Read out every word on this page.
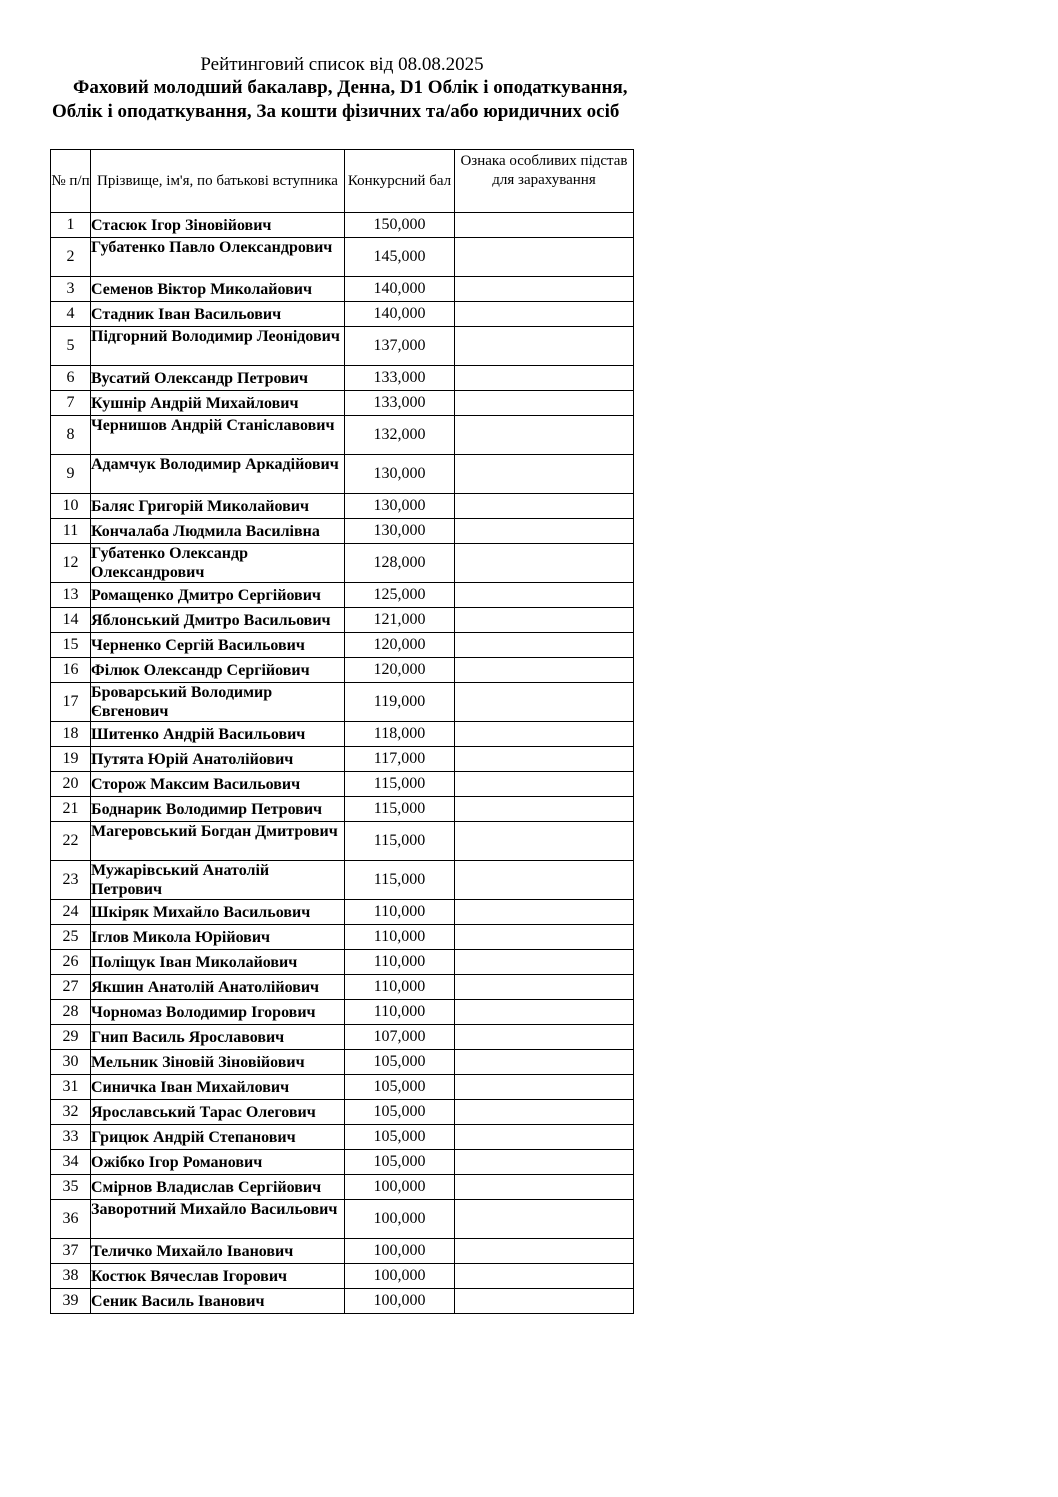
Рейтинговий список від 08.08.2025
Фаховий молодший бакалавр, Денна, D1 Облік і оподаткування, Облік і оподаткування, За кошти фізичних та/або юридичних осіб
№ п/п	Прізвище, ім'я, по батькові вступника	Конкурсний бал	Ознака особливих підстав для зарахування
1	Стасюк Ігор Зіновійович	150,000	
2	Губатенко Павло Олександрович	145,000	
3	Семенов Віктор Миколайович	140,000	
4	Стадник Іван Васильович	140,000	
5	Підгорний Володимир Леонідович	137,000	
6	Вусатий Олександр Петрович	133,000	
7	Кушнір Андрій Михайлович	133,000	
8	Чернишов Андрій Станіславович	132,000	
9	Адамчук Володимир Аркадійович	130,000	
10	Баляс Григорій Миколайович	130,000	
11	Кончалаба Людмила Василівна	130,000	
12	Губатенко Олександр Олександрович	128,000	
13	Ромащенко Дмитро Сергійович	125,000	
14	Яблонський Дмитро Васильович	121,000	
15	Черненко Сергій Васильович	120,000	
16	Філюк Олександр Сергійович	120,000	
17	Броварський Володимир Євгенович	119,000	
18	Шитенко Андрій Васильович	118,000	
19	Путята Юрій Анатолійович	117,000	
20	Сторож Максим Васильович	115,000	
21	Боднарик Володимир Петрович	115,000	
22	Магеровський Богдан Дмитрович	115,000	
23	Мужарівський Анатолій Петрович	115,000	
24	Шкіряк Михайло Васильович	110,000	
25	Іглов Микола Юрійович	110,000	
26	Поліщук Іван Миколайович	110,000	
27	Якшин Анатолій Анатолійович	110,000	
28	Чорномаз Володимир Ігорович	110,000	
29	Гнип Василь Ярославович	107,000	
30	Мельник Зіновій Зіновійович	105,000	
31	Синичка Іван Михайлович	105,000	
32	Ярославський Тарас Олегович	105,000	
33	Грицюк Андрій Степанович	105,000	
34	Ожібко Ігор Романович	105,000	
35	Смірнов Владислав Сергійович	100,000	
36	Заворотний Михайло Васильович	100,000	
37	Теличко Михайло Іванович	100,000	
38	Костюк Вячеслав Ігорович	100,000	
39	Сеник Василь Іванович	100,000	
